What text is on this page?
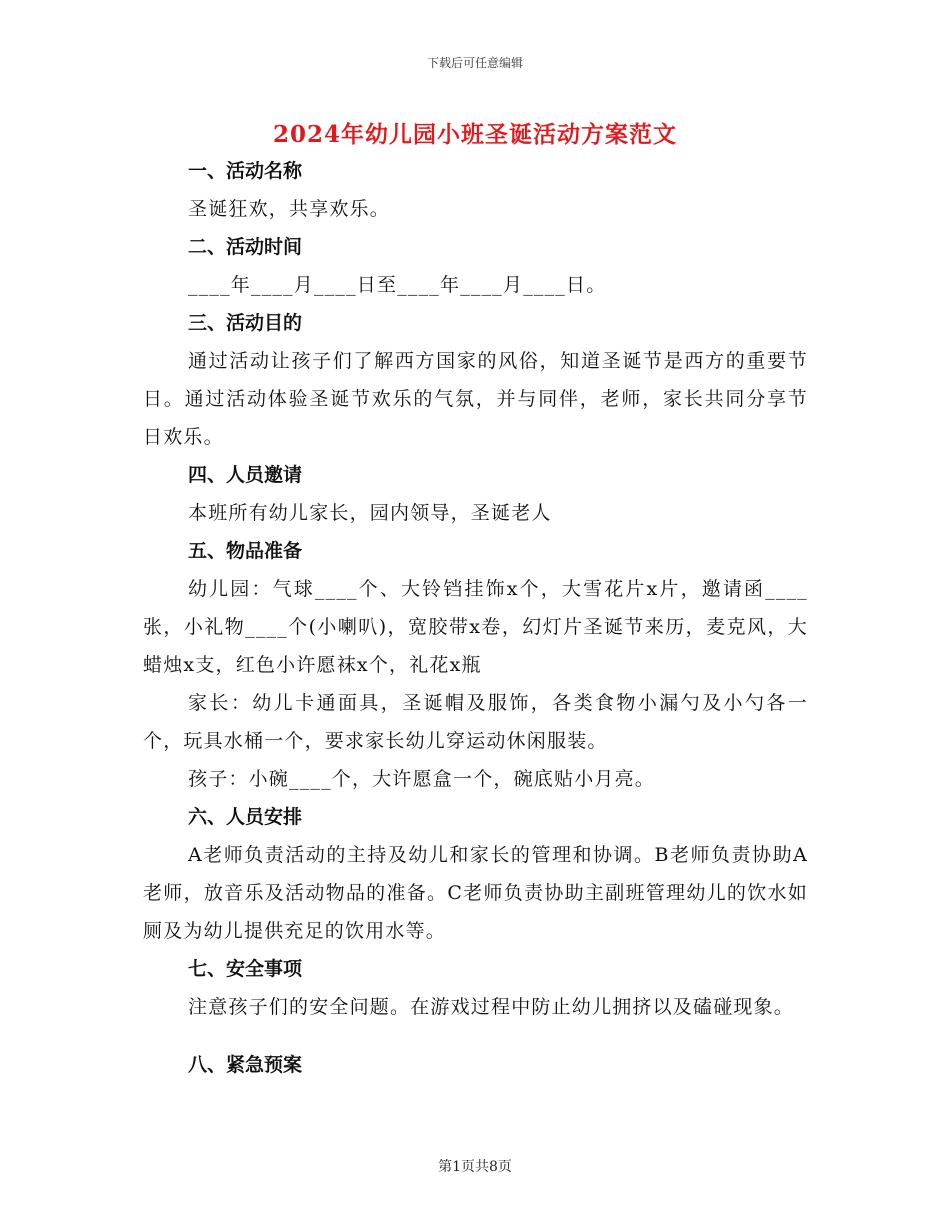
下载后可任意编辑
2024年幼儿园小班圣诞活动方案范文

一、活动名称

圣诞狂欢，共享欢乐。

二、活动时间

____年____月____日至____年____月____日。

三、活动目的

通过活动让孩子们了解西方国家的风俗，知道圣诞节是西方的重要节日。通过活动体验圣诞节欢乐的气氛，并与同伴，老师，家长共同分享节日欢乐。

四、人员邀请

本班所有幼儿家长，园内领导，圣诞老人

五、物品准备

幼儿园：气球____个、大铃铛挂饰x个，大雪花片x片，邀请函____张，小礼物____个(小喇叭)，宽胶带x卷，幻灯片圣诞节来历，麦克风，大蜡烛x支，红色小许愿袜x个，礼花x瓶

家长：幼儿卡通面具，圣诞帽及服饰，各类食物小漏勺及小勺各一个，玩具水桶一个，要求家长幼儿穿运动休闲服装。

孩子：小碗____个，大许愿盒一个，碗底贴小月亮。

六、人员安排

A老师负责活动的主持及幼儿和家长的管理和协调。B老师负责协助A老师，放音乐及活动物品的准备。C老师负责协助主副班管理幼儿的饮水如厕及为幼儿提供充足的饮用水等。

七、安全事项

注意孩子们的安全问题。在游戏过程中防止幼儿拥挤以及磕碰现象。

八、紧急预案

第1页共8页
